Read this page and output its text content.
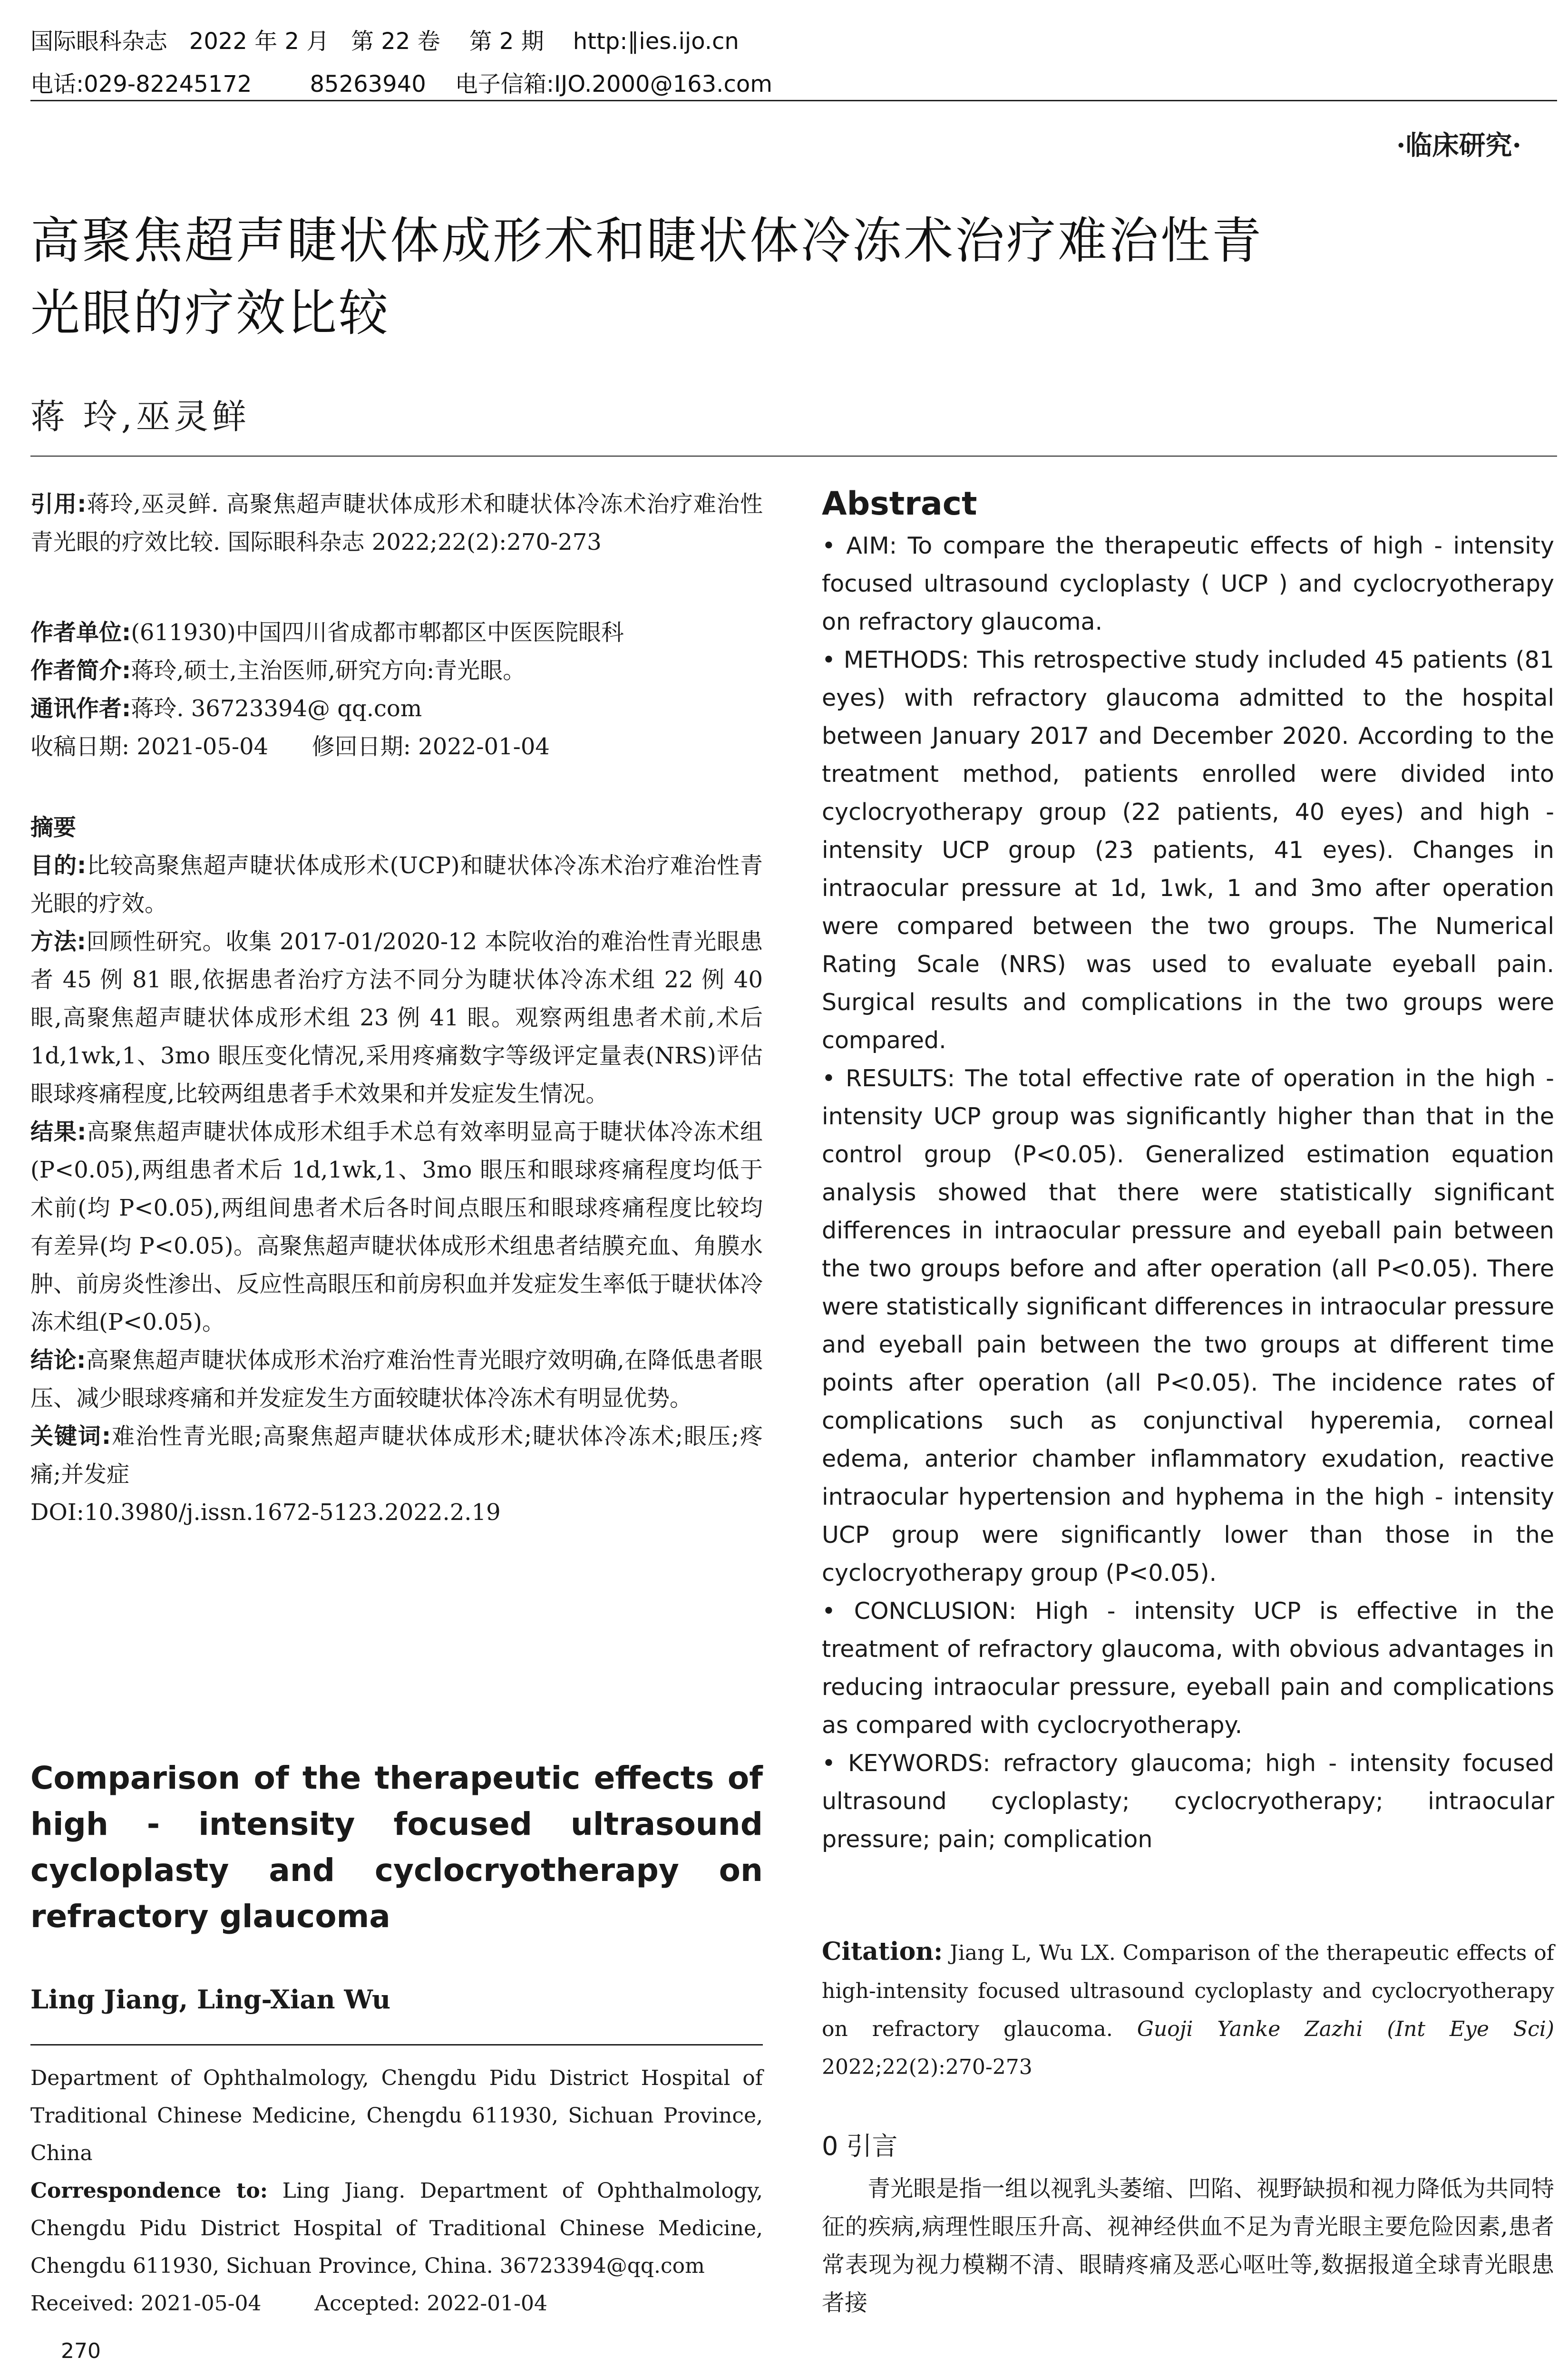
国际眼科杂志   2022 年 2 月   第 22 卷    第 2 期    http:∥ies.ijo.cn
电话:029-82245172        85263940    电子信箱:IJO.2000@163.com
·临床研究·
高聚焦超声睫状体成形术和睫状体冷冻术治疗难治性青
光眼的疗效比较
蒋 玲,巫灵鲜

引用:蒋玲,巫灵鲜. 高聚焦超声睫状体成形术和睫状体冷冻术治疗难治性青光眼的疗效比较. 国际眼科杂志 2022;22(2):270-273

作者单位:(611930)中国四川省成都市郫都区中医医院眼科

作者简介:蒋玲,硕士,主治医师,研究方向:青光眼。

通讯作者:蒋玲. 36723394@ qq.com

收稿日期: 2021-05-04      修回日期: 2022-01-04

摘要

目的:比较高聚焦超声睫状体成形术(UCP)和睫状体冷冻术治疗难治性青光眼的疗效。

方法:回顾性研究。收集 2017-01/2020-12 本院收治的难治性青光眼患者 45 例 81 眼,依据患者治疗方法不同分为睫状体冷冻术组 22 例 40 眼,高聚焦超声睫状体成形术组 23 例 41 眼。观察两组患者术前,术后 1d,1wk,1、3mo 眼压变化情况,采用疼痛数字等级评定量表(NRS)评估眼球疼痛程度,比较两组患者手术效果和并发症发生情况。

结果:高聚焦超声睫状体成形术组手术总有效率明显高于睫状体冷冻术组(P<0.05),两组患者术后 1d,1wk,1、3mo 眼压和眼球疼痛程度均低于术前(均 P<0.05),两组间患者术后各时间点眼压和眼球疼痛程度比较均有差异(均 P<0.05)。高聚焦超声睫状体成形术组患者结膜充血、角膜水肿、前房炎性渗出、反应性高眼压和前房积血并发症发生率低于睫状体冷冻术组(P<0.05)。

结论:高聚焦超声睫状体成形术治疗难治性青光眼疗效明确,在降低患者眼压、减少眼球疼痛和并发症发生方面较睫状体冷冻术有明显优势。

关键词:难治性青光眼;高聚焦超声睫状体成形术;睫状体冷冻术;眼压;疼痛;并发症

DOI:10.3980/j.issn.1672-5123.2022.2.19

Comparison of the therapeutic effects of high - intensity focused ultrasound cycloplasty and cyclocryotherapy on refractory glaucoma
Ling Jiang, Ling-Xian Wu

Department of Ophthalmology, Chengdu Pidu District Hospital of Traditional Chinese Medicine, Chengdu 611930, Sichuan Province, China

Correspondence to: Ling Jiang. Department of Ophthalmology, Chengdu Pidu District Hospital of Traditional Chinese Medicine, Chengdu 611930, Sichuan Province, China. 36723394@qq.com

Received: 2021-05-04        Accepted: 2022-01-04

Abstract

• AIM: To compare the therapeutic effects of high - intensity focused ultrasound cycloplasty ( UCP ) and cyclocryotherapy on refractory glaucoma.

• METHODS: This retrospective study included 45 patients (81 eyes) with refractory glaucoma admitted to the hospital between January 2017 and December 2020. According to the treatment method, patients enrolled were divided into cyclocryotherapy group (22 patients, 40 eyes) and high - intensity UCP group (23 patients, 41 eyes). Changes in intraocular pressure at 1d, 1wk, 1 and 3mo after operation were compared between the two groups. The Numerical Rating Scale (NRS) was used to evaluate eyeball pain. Surgical results and complications in the two groups were compared.

• RESULTS: The total effective rate of operation in the high - intensity UCP group was significantly higher than that in the control group (P<0.05). Generalized estimation equation analysis showed that there were statistically significant differences in intraocular pressure and eyeball pain between the two groups before and after operation (all P<0.05). There were statistically significant differences in intraocular pressure and eyeball pain between the two groups at different time points after operation (all P<0.05). The incidence rates of complications such as conjunctival hyperemia, corneal edema, anterior chamber inflammatory exudation, reactive intraocular hypertension and hyphema in the high - intensity UCP group were significantly lower than those in the cyclocryotherapy group (P<0.05).

• CONCLUSION: High - intensity UCP is effective in the treatment of refractory glaucoma, with obvious advantages in reducing intraocular pressure, eyeball pain and complications as compared with cyclocryotherapy.

• KEYWORDS: refractory glaucoma; high - intensity focused ultrasound cycloplasty; cyclocryotherapy; intraocular pressure; pain; complication

Citation: Jiang L, Wu LX. Comparison of the therapeutic effects of high-intensity focused ultrasound cycloplasty and cyclocryotherapy on refractory glaucoma. Guoji Yanke Zazhi (Int Eye Sci) 2022;22(2):270-273
0 引言
青光眼是指一组以视乳头萎缩、凹陷、视野缺损和视力降低为共同特征的疾病,病理性眼压升高、视神经供血不足为青光眼主要危险因素,患者常表现为视力模糊不清、眼睛疼痛及恶心呕吐等,数据报道全球青光眼患者接
270
